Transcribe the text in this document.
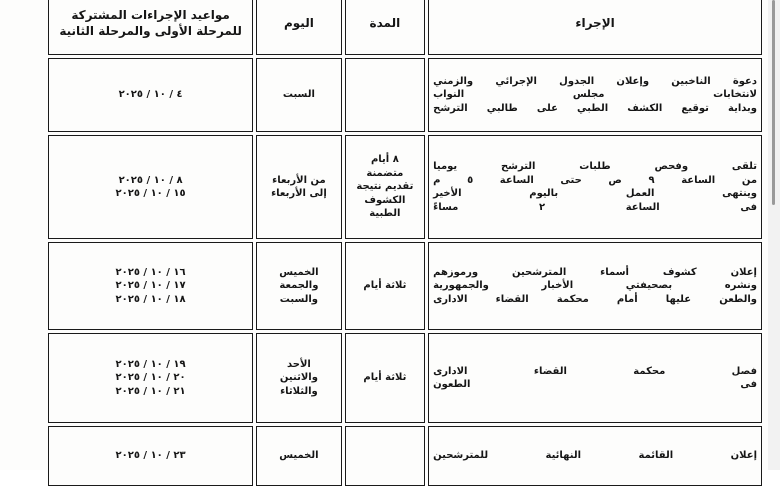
الإجراء	المدة	اليوم	مواعيد الإجراءات المشتركة
للمرحلة الأولى والمرحلة الثانية

دعوة الناخبين وإعلان الجدول الإجرائي والزمني
لانتخابات مجلس النواب
وبداية توقيع الكشف الطبي على طالبي الترشح		السبت	٤ / ١٠ / ٢٠٢٥

تلقى وفحص طلبات الترشح يوميا
من الساعة ٩ ص حتى الساعة ٥ م
وينتهى العمل باليوم الأخير
فى الساعة ٢ مساءً	٨ أيام
متضمنة
تقديم نتيجة
الكشوف الطبية	من الأربعاء
إلى الأربعاء	٨ / ١٠ / ٢٠٢٥
١٥ / ١٠ / ٢٠٢٥

إعلان كشوف أسماء المترشحين ورموزهم
ونشره بصحيفتي الأخبار والجمهورية
والطعن عليها أمام محكمة القضاء الادارى	ثلاثة أيام	الخميس
والجمعة
والسبت	١٦ / ١٠ / ٢٠٢٥
١٧ / ١٠ / ٢٠٢٥
١٨ / ١٠ / ٢٠٢٥

فصل محكمة القضاء الادارى
فى الطعون	ثلاثة أيام	الأحد
والاثنين
والثلاثاء	١٩ / ١٠ / ٢٠٢٥
٢٠ / ١٠ / ٢٠٢٥
٢١ / ١٠ / ٢٠٢٥

إعلان القائمة النهائية للمترشحين		الخميس	٢٣ / ١٠ / ٢٠٢٥
